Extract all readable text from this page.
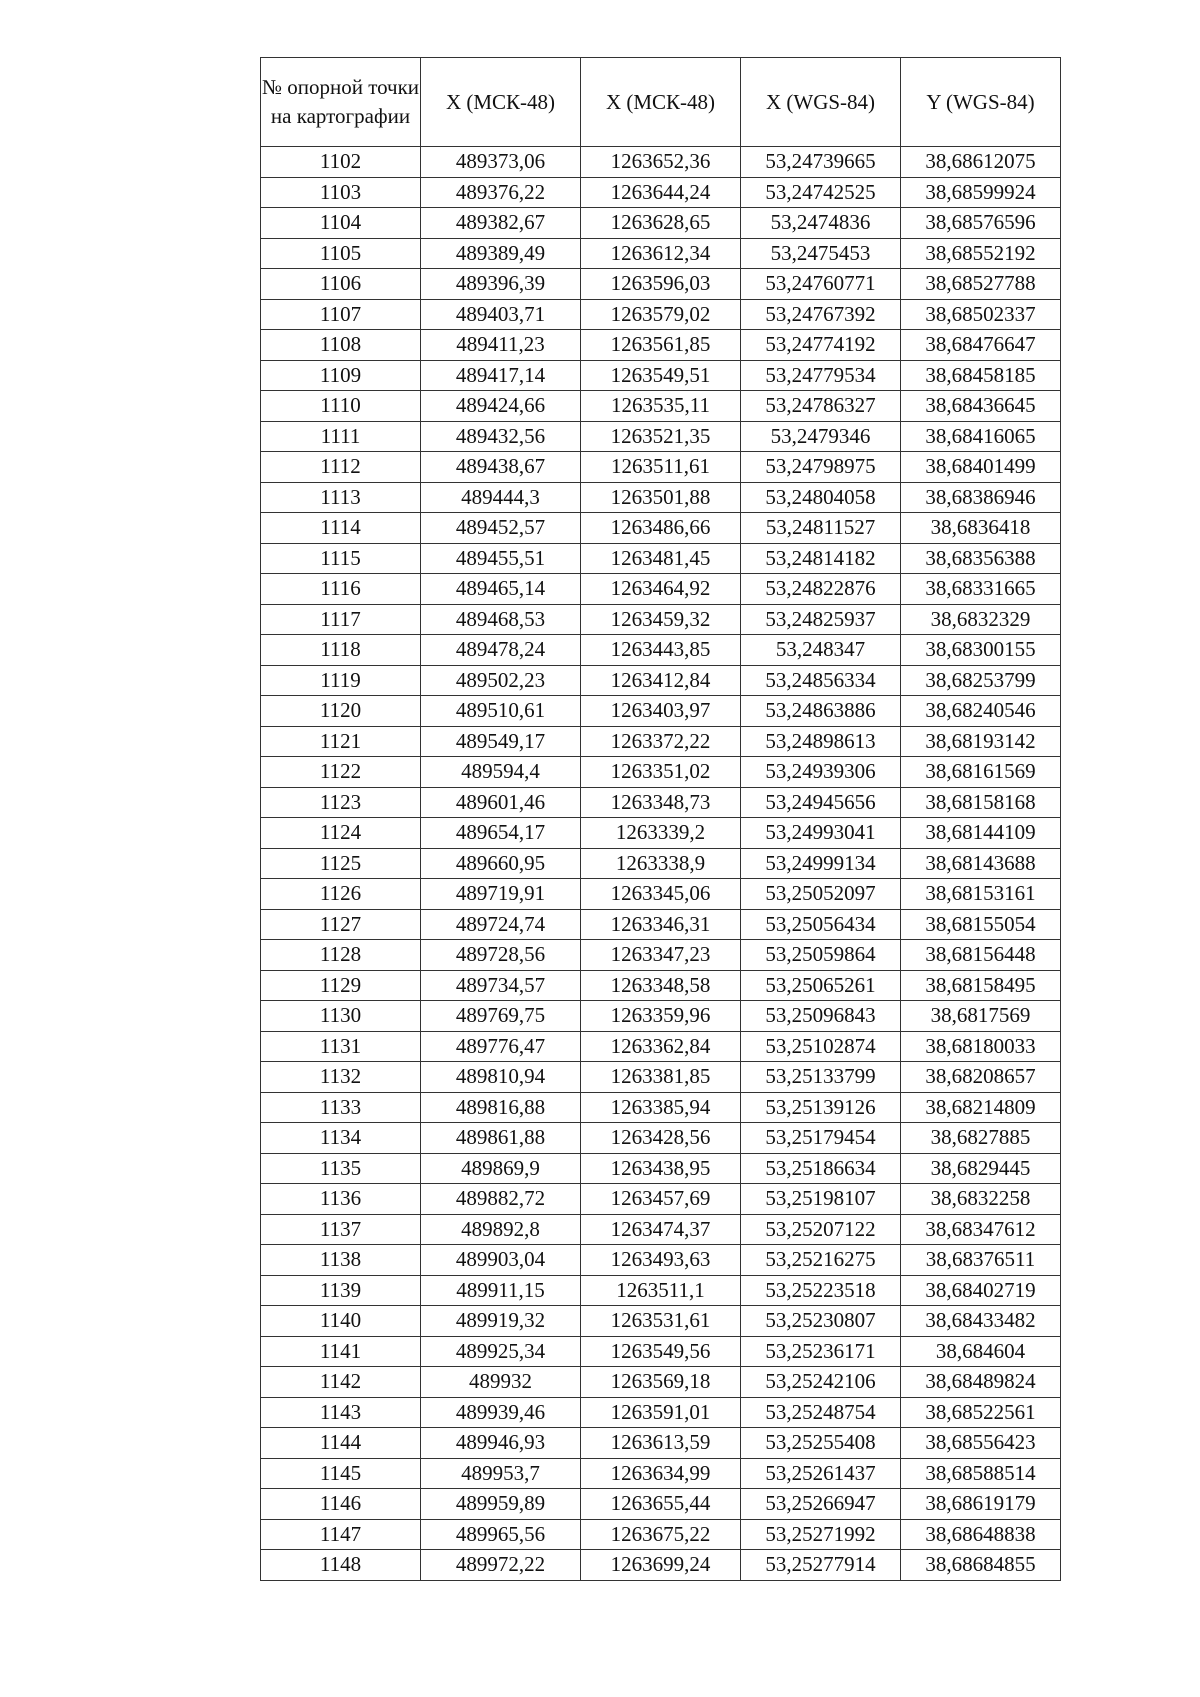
№ опорной точки на картографии	X (МСК-48)	X (МСК-48)	X (WGS-84)	Y (WGS-84)
1102	489373,06	1263652,36	53,24739665	38,68612075
1103	489376,22	1263644,24	53,24742525	38,68599924
1104	489382,67	1263628,65	53,2474836	38,68576596
1105	489389,49	1263612,34	53,2475453	38,68552192
1106	489396,39	1263596,03	53,24760771	38,68527788
1107	489403,71	1263579,02	53,24767392	38,68502337
1108	489411,23	1263561,85	53,24774192	38,68476647
1109	489417,14	1263549,51	53,24779534	38,68458185
1110	489424,66	1263535,11	53,24786327	38,68436645
1111	489432,56	1263521,35	53,2479346	38,68416065
1112	489438,67	1263511,61	53,24798975	38,68401499
1113	489444,3	1263501,88	53,24804058	38,68386946
1114	489452,57	1263486,66	53,24811527	38,6836418
1115	489455,51	1263481,45	53,24814182	38,68356388
1116	489465,14	1263464,92	53,24822876	38,68331665
1117	489468,53	1263459,32	53,24825937	38,6832329
1118	489478,24	1263443,85	53,248347	38,68300155
1119	489502,23	1263412,84	53,24856334	38,68253799
1120	489510,61	1263403,97	53,24863886	38,68240546
1121	489549,17	1263372,22	53,24898613	38,68193142
1122	489594,4	1263351,02	53,24939306	38,68161569
1123	489601,46	1263348,73	53,24945656	38,68158168
1124	489654,17	1263339,2	53,24993041	38,68144109
1125	489660,95	1263338,9	53,24999134	38,68143688
1126	489719,91	1263345,06	53,25052097	38,68153161
1127	489724,74	1263346,31	53,25056434	38,68155054
1128	489728,56	1263347,23	53,25059864	38,68156448
1129	489734,57	1263348,58	53,25065261	38,68158495
1130	489769,75	1263359,96	53,25096843	38,6817569
1131	489776,47	1263362,84	53,25102874	38,68180033
1132	489810,94	1263381,85	53,25133799	38,68208657
1133	489816,88	1263385,94	53,25139126	38,68214809
1134	489861,88	1263428,56	53,25179454	38,6827885
1135	489869,9	1263438,95	53,25186634	38,6829445
1136	489882,72	1263457,69	53,25198107	38,6832258
1137	489892,8	1263474,37	53,25207122	38,68347612
1138	489903,04	1263493,63	53,25216275	38,68376511
1139	489911,15	1263511,1	53,25223518	38,68402719
1140	489919,32	1263531,61	53,25230807	38,68433482
1141	489925,34	1263549,56	53,25236171	38,684604
1142	489932	1263569,18	53,25242106	38,68489824
1143	489939,46	1263591,01	53,25248754	38,68522561
1144	489946,93	1263613,59	53,25255408	38,68556423
1145	489953,7	1263634,99	53,25261437	38,68588514
1146	489959,89	1263655,44	53,25266947	38,68619179
1147	489965,56	1263675,22	53,25271992	38,68648838
1148	489972,22	1263699,24	53,25277914	38,68684855
